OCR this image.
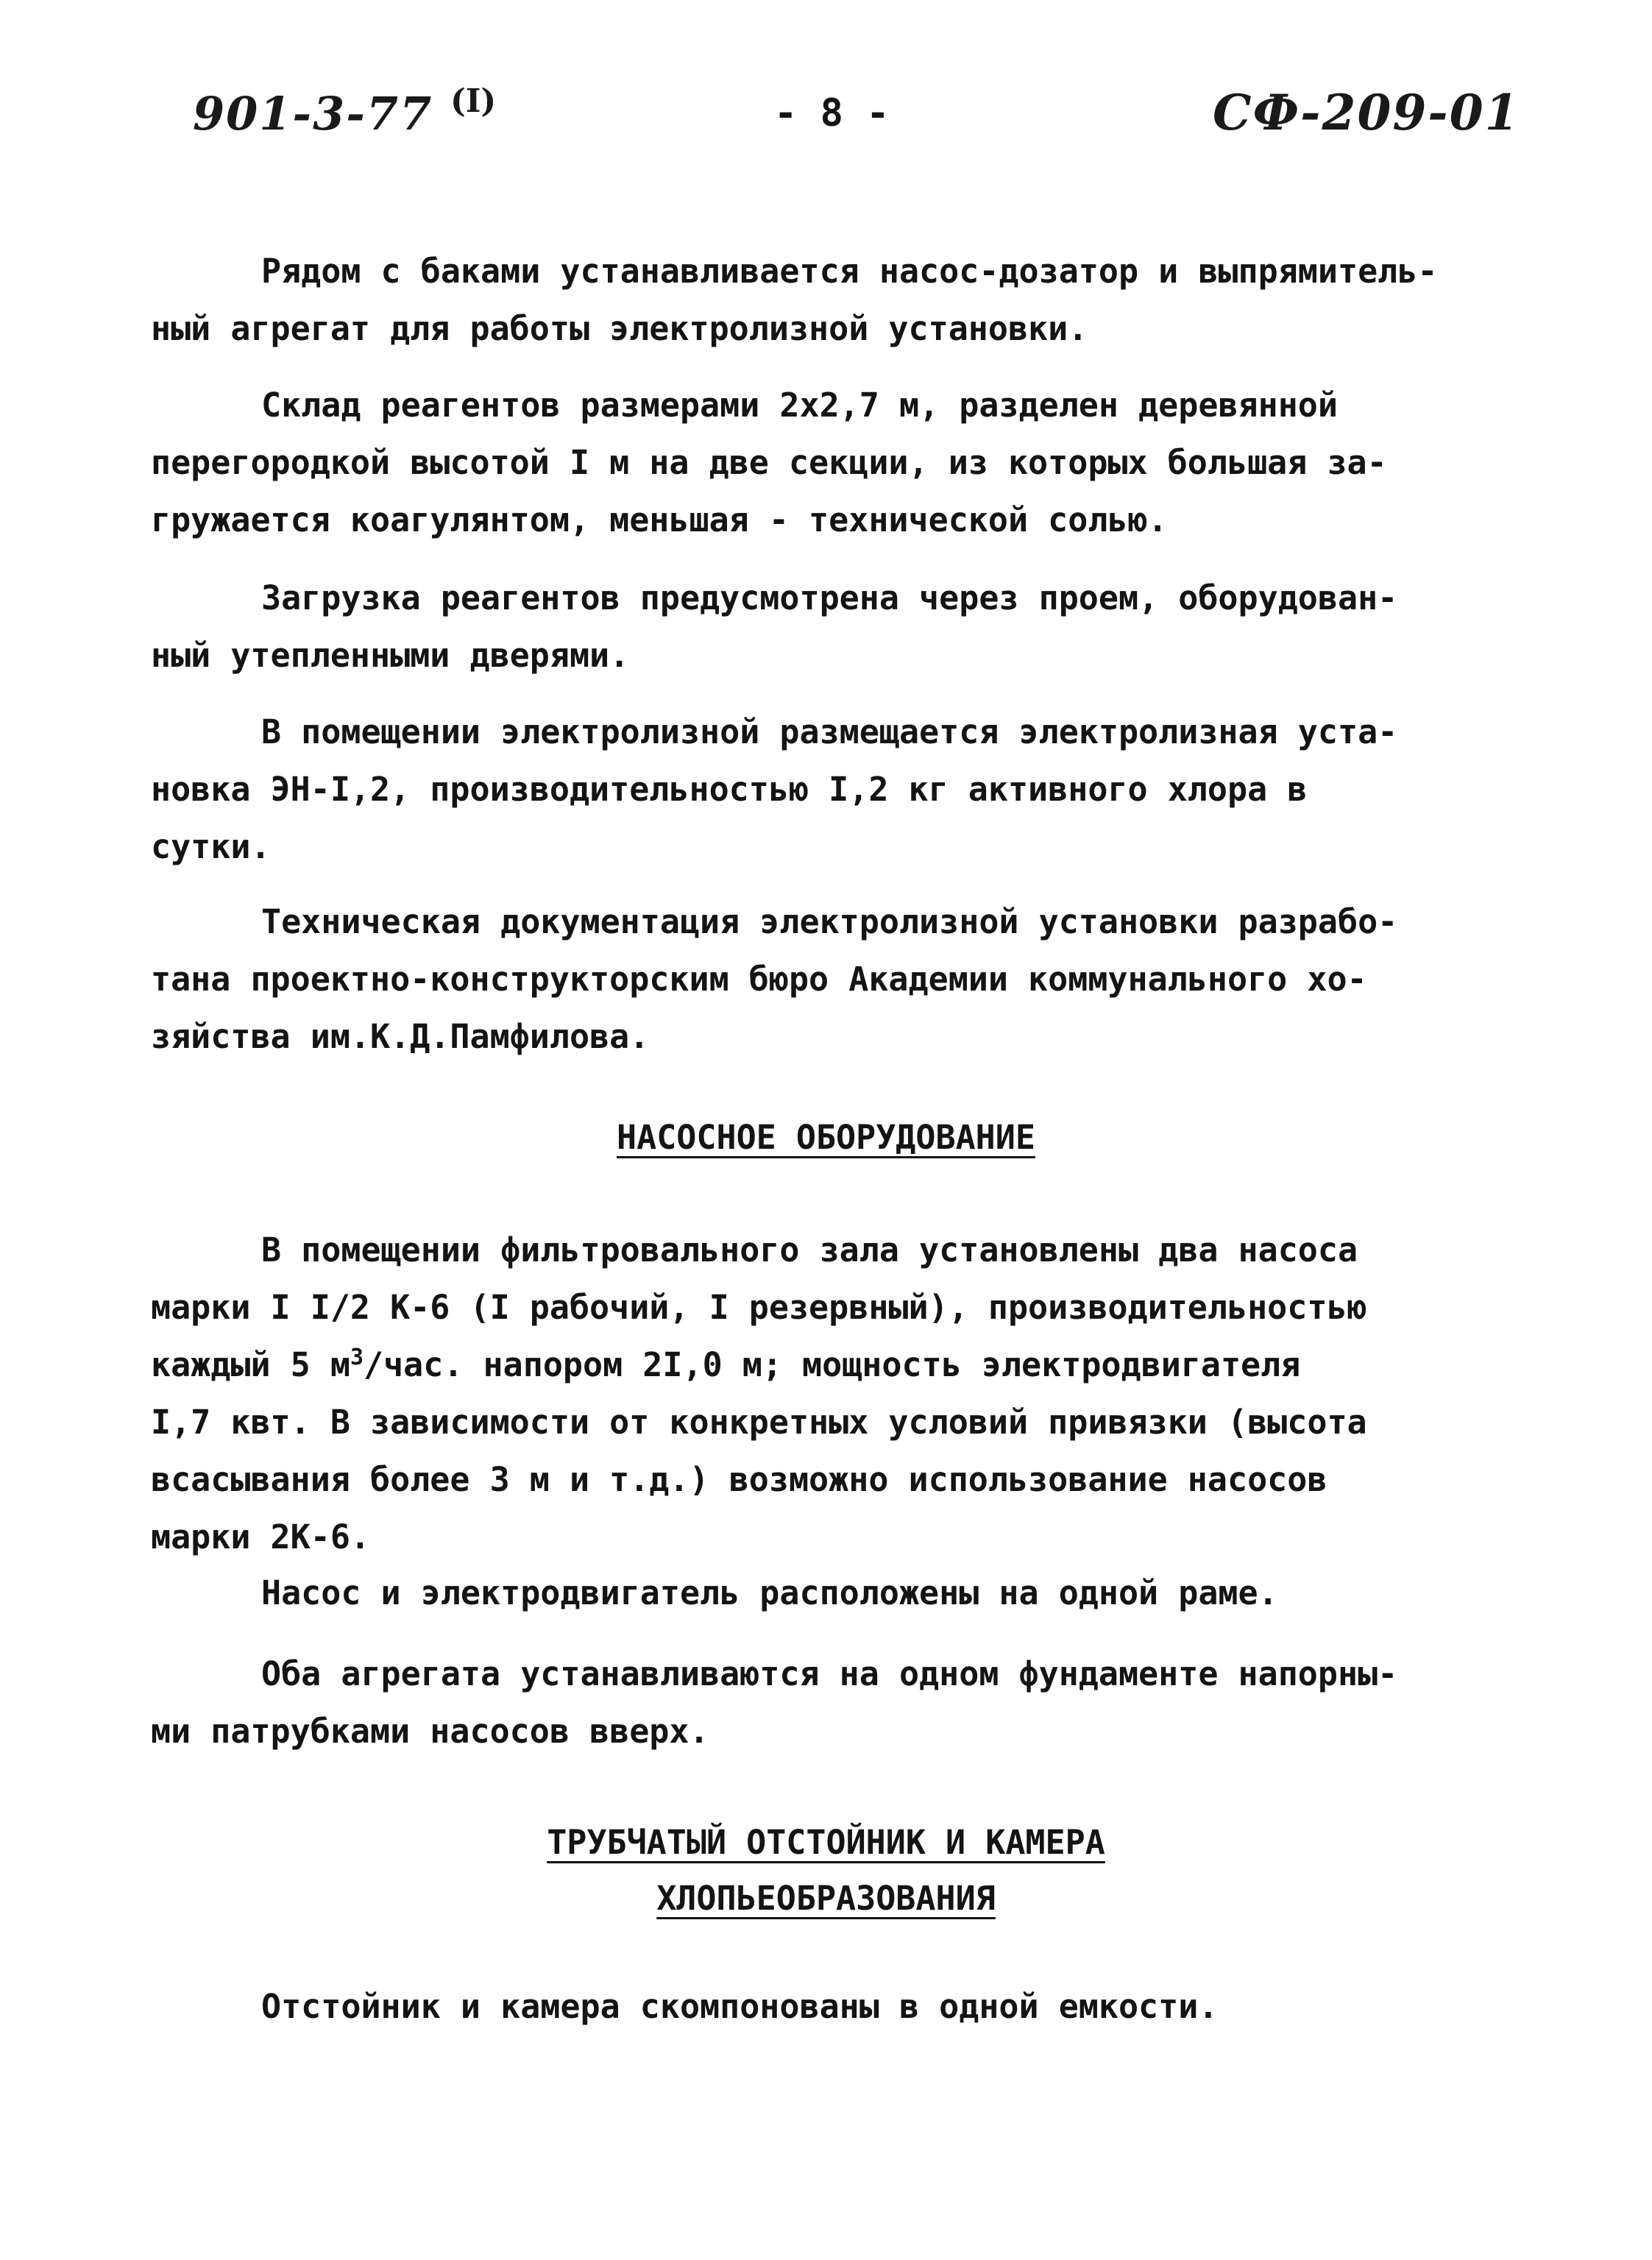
901-3-77 (I)	- 8 -	СФ-209-01

Рядом с баками устанавливается насос-дозатор и выпрямитель-
ный агрегат для работы электролизной установки.

Склад реагентов размерами 2х2,7 м, разделен деревянной
перегородкой высотой I м на две секции, из которых большая за-
гружается коагулянтом, меньшая - технической солью.

Загрузка реагентов предусмотрена через проем, оборудован-
ный утепленными дверями.

В помещении электролизной размещается электролизная уста-
новка ЭН-I,2, производительностью I,2 кг активного хлора в
сутки.

Техническая документация электролизной установки разрабо-
тана проектно-конструкторским бюро Академии коммунального хо-
зяйства им.К.Д.Памфилова.

НАСОСНОЕ ОБОРУДОВАНИЕ

В помещении фильтровального зала установлены два насоса
марки I I/2 К-6 (I рабочий, I резервный), производительностью
каждый 5 $м^3$/час. напором 2I,0 м; мощность электродвигателя
I,7 квт. В зависимости от конкретных условий привязки (высота
всасывания более 3 м и т.д.) возможно использование насосов
марки 2К-6.

Насос и электродвигатель расположены на одной раме.

Оба агрегата устанавливаются на одном фундаменте напорны-
ми патрубками насосов вверх.

ТРУБЧАТЫЙ ОТСТОЙНИК И КАМЕРА
ХЛОПЬЕОБРАЗОВАНИЯ

Отстойник и камера скомпонованы в одной емкости.
